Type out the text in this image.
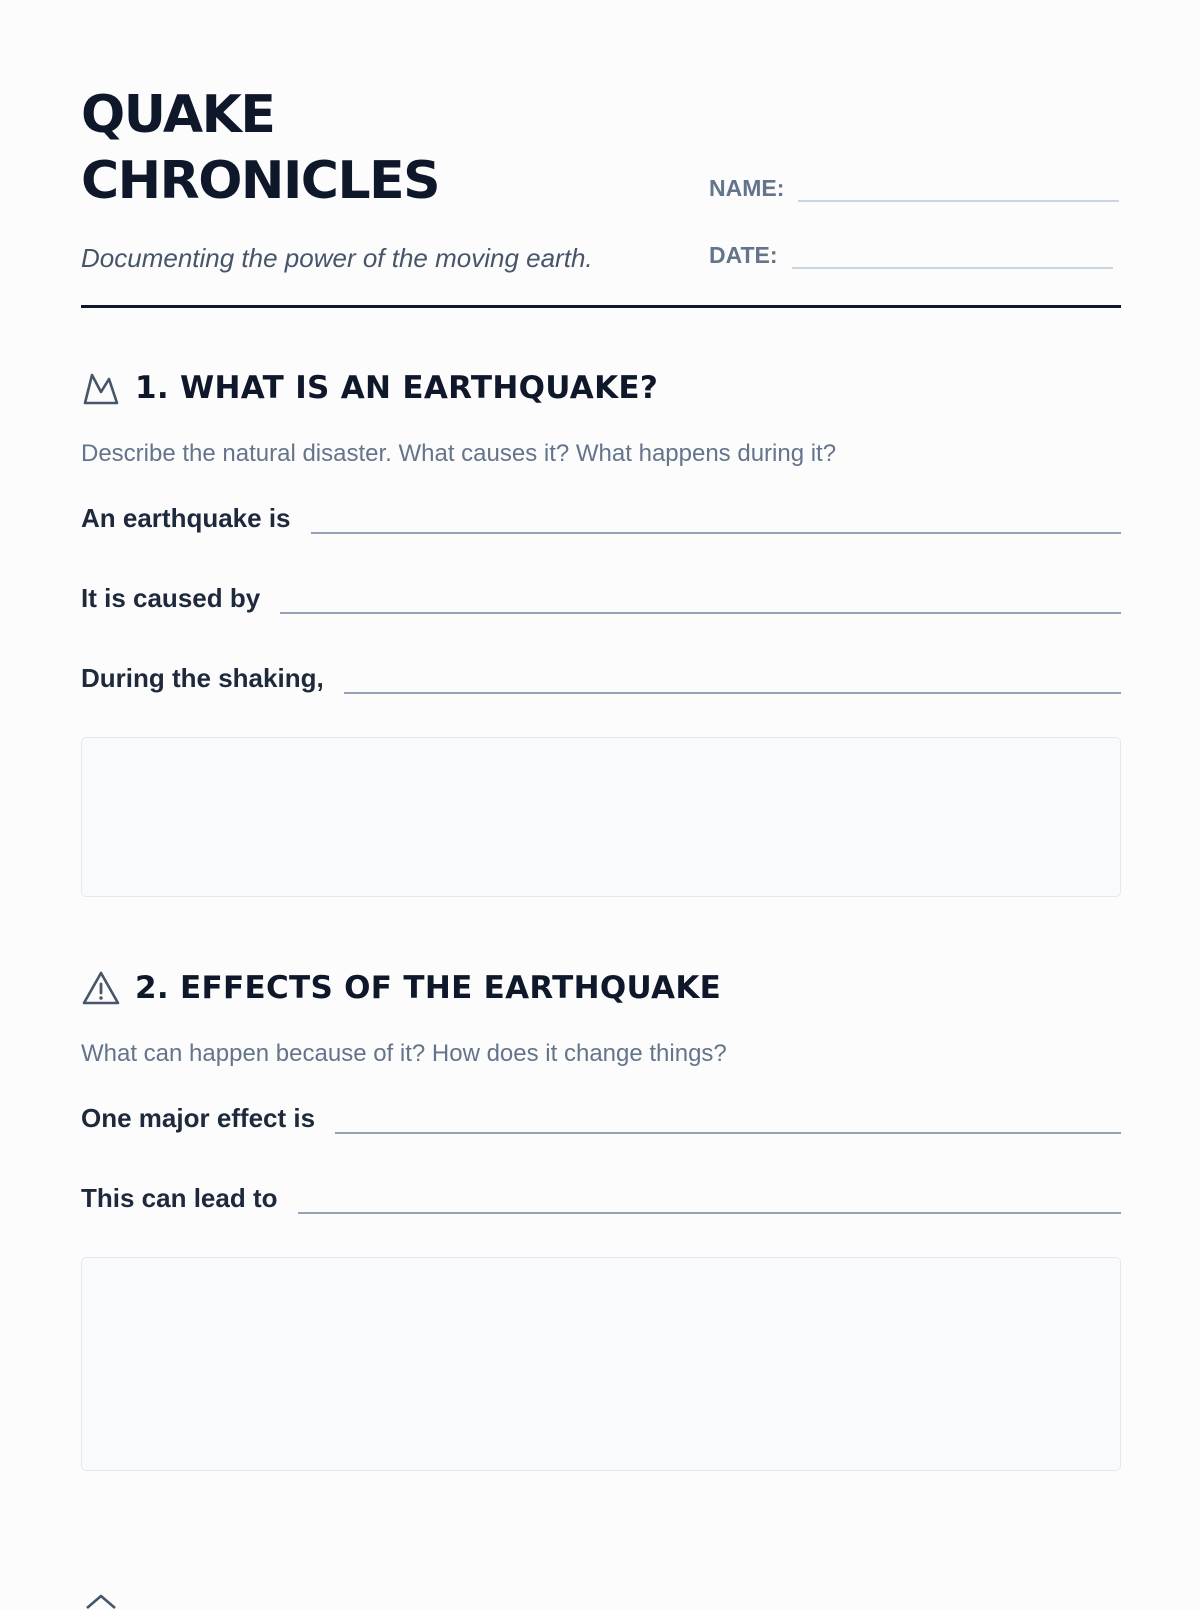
QUAKE
CHRONICLES
Documenting the power of the moving earth.
NAME:
DATE:
1. WHAT IS AN EARTHQUAKE?
Describe the natural disaster. What causes it? What happens during it?
An earthquake is
It is caused by
During the shaking,
2. EFFECTS OF THE EARTHQUAKE
What can happen because of it? How does it change things?
One major effect is
This can lead to
